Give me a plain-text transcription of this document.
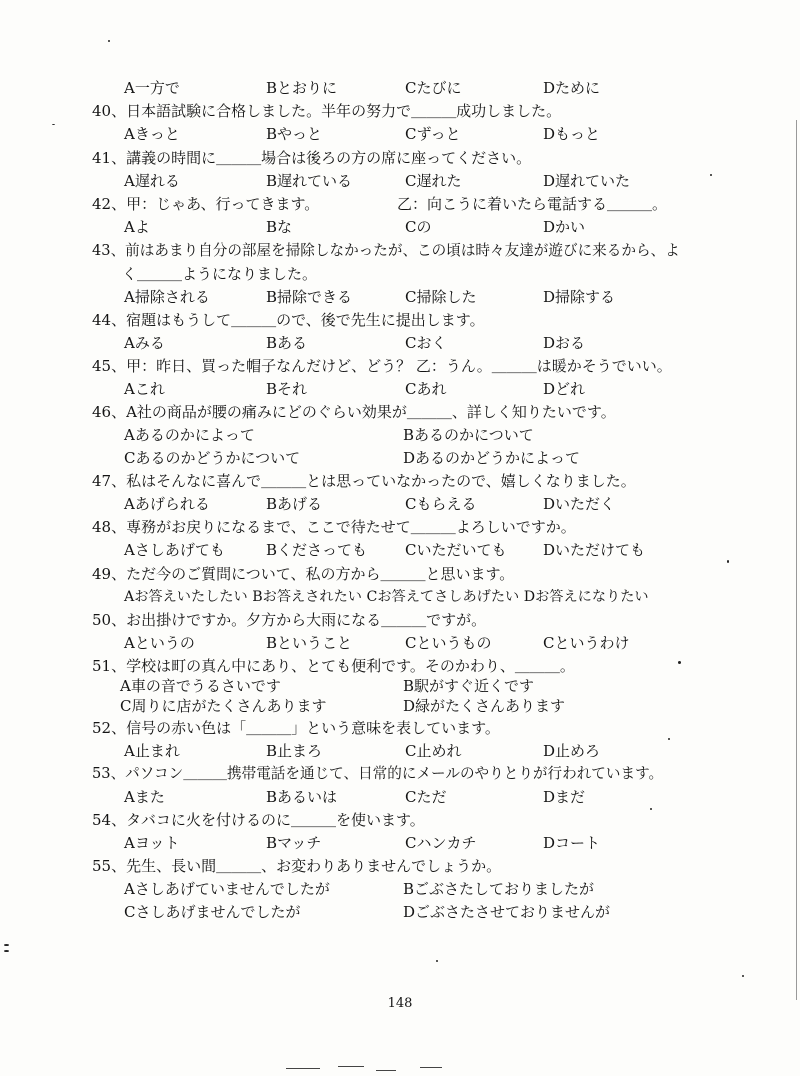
A一方で	Bとおりに	Cたびに	Dために
40、日本語試験に合格しました。半年の努力で＿＿＿成功しました。
Aきっと	Bやっと	Cずっと	Dもっと
41、講義の時間に＿＿＿場合は後ろの方の席に座ってください。
A遅れる	B遅れている	C遅れた	D遅れていた
42、甲：じゃあ、行ってきます。	乙：向こうに着いたら電話する＿＿＿。
Aよ	Bな	Cの	Dかい
43、前はあまり自分の部屋を掃除しなかったが、この頃は時々友達が遊びに来るから、よ
く＿＿＿ようになりました。
A掃除される	B掃除できる	C掃除した	D掃除する
44、宿題はもうして＿＿＿ので、後で先生に提出します。
Aみる	Bある	Cおく	Dおる
45、甲：昨日、買った帽子なんだけど、どう？ 乙：うん。＿＿＿は暖かそうでいい。
Aこれ	Bそれ	Cあれ	Dどれ
46、A社の商品が腰の痛みにどのぐらい効果が＿＿＿、詳しく知りたいです。
Aあるのかによって	Bあるのかについて
Cあるのかどうかについて	Dあるのかどうかによって
47、私はそんなに喜んで＿＿＿とは思っていなかったので、嬉しくなりました。
Aあげられる	Bあげる	Cもらえる	Dいただく
48、専務がお戻りになるまで、ここで待たせて＿＿＿よろしいですか。
Aさしあげても	Bくださっても	Cいただいても Dいただけても
49、ただ今のご質問について、私の方から＿＿＿と思います。
Aお答えいたしたい Bお答えされたい Cお答えてさしあげたい Dお答えになりたい
50、お出掛けですか。夕方から大雨になる＿＿＿ですが。
Aというの	Bということ	Cというもの	Cというわけ
51、学校は町の真ん中にあり、とても便利です。そのかわり、＿＿＿。
A車の音でうるさいです	B駅がすぐ近くです
C周りに店がたくさんあります	D緑がたくさんあります
52、信号の赤い色は「＿＿＿」という意味を表しています。
A止まれ	B止まろ	C止めれ	D止めろ
53、パソコン＿＿＿携帯電話を通じて、日常的にメールのやりとりが行われています。
Aまた	Bあるいは	Cただ	Dまだ
54、タバコに火を付けるのに＿＿＿を使います。
Aヨット	Bマッチ	Cハンカチ	Dコート
55、先生、長い間＿＿＿、お変わりありませんでしょうか。
Aさしあげていませんでしたが	Bごぶさたしておりましたが
Cさしあげませんでしたが	Dごぶさたさせておりませんが
148
